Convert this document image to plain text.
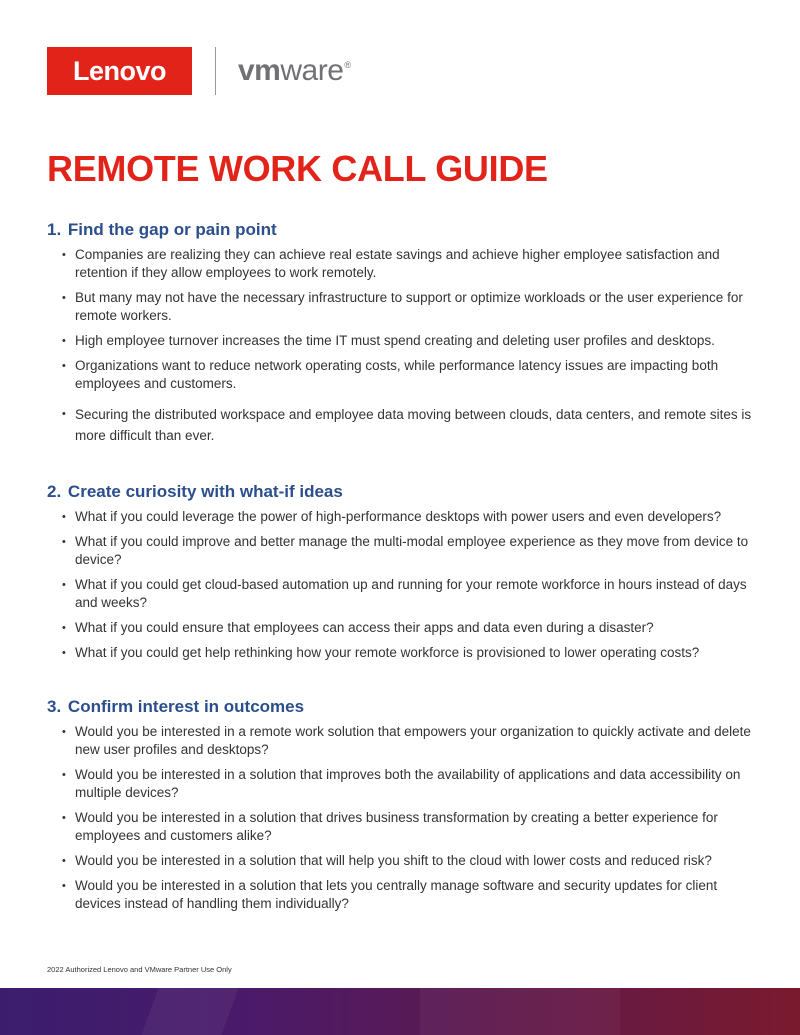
Lenovo vm ware ®
REMOTE WORK CALL GUIDE
1. Find the gap or pain point
• Companies are realizing they can achieve real estate savings and achieve higher employee satisfaction and retention if they allow employees to work remotely.
• But many may not have the necessary infrastructure to support or optimize workloads or the user experience for remote workers.
• High employee turnover increases the time IT must spend creating and deleting user profiles and desktops.
• Organizations want to reduce network operating costs, while performance latency issues are impacting both employees and customers.
• Securing the distributed workspace and employee data moving between clouds, data centers, and remote sites is more difficult than ever.
2. Create curiosity with what-if ideas
• What if you could leverage the power of high-performance desktops with power users and even developers?
• What if you could improve and better manage the multi-modal employee experience as they move from device to device?
• What if you could get cloud-based automation up and running for your remote workforce in hours instead of days and weeks?
• What if you could ensure that employees can access their apps and data even during a disaster?
• What if you could get help rethinking how your remote workforce is provisioned to lower operating costs?
3. Confirm interest in outcomes
• Would you be interested in a remote work solution that empowers your organization to quickly activate and delete new user profiles and desktops?
• Would you be interested in a solution that improves both the availability of applications and data accessibility on multiple devices?
• Would you be interested in a solution that drives business transformation by creating a better experience for employees and customers alike?
• Would you be interested in a solution that will help you shift to the cloud with lower costs and reduced risk?
• Would you be interested in a solution that lets you centrally manage software and security updates for client devices instead of handling them individually?
2022 Authorized Lenovo and VMware Partner Use Only
